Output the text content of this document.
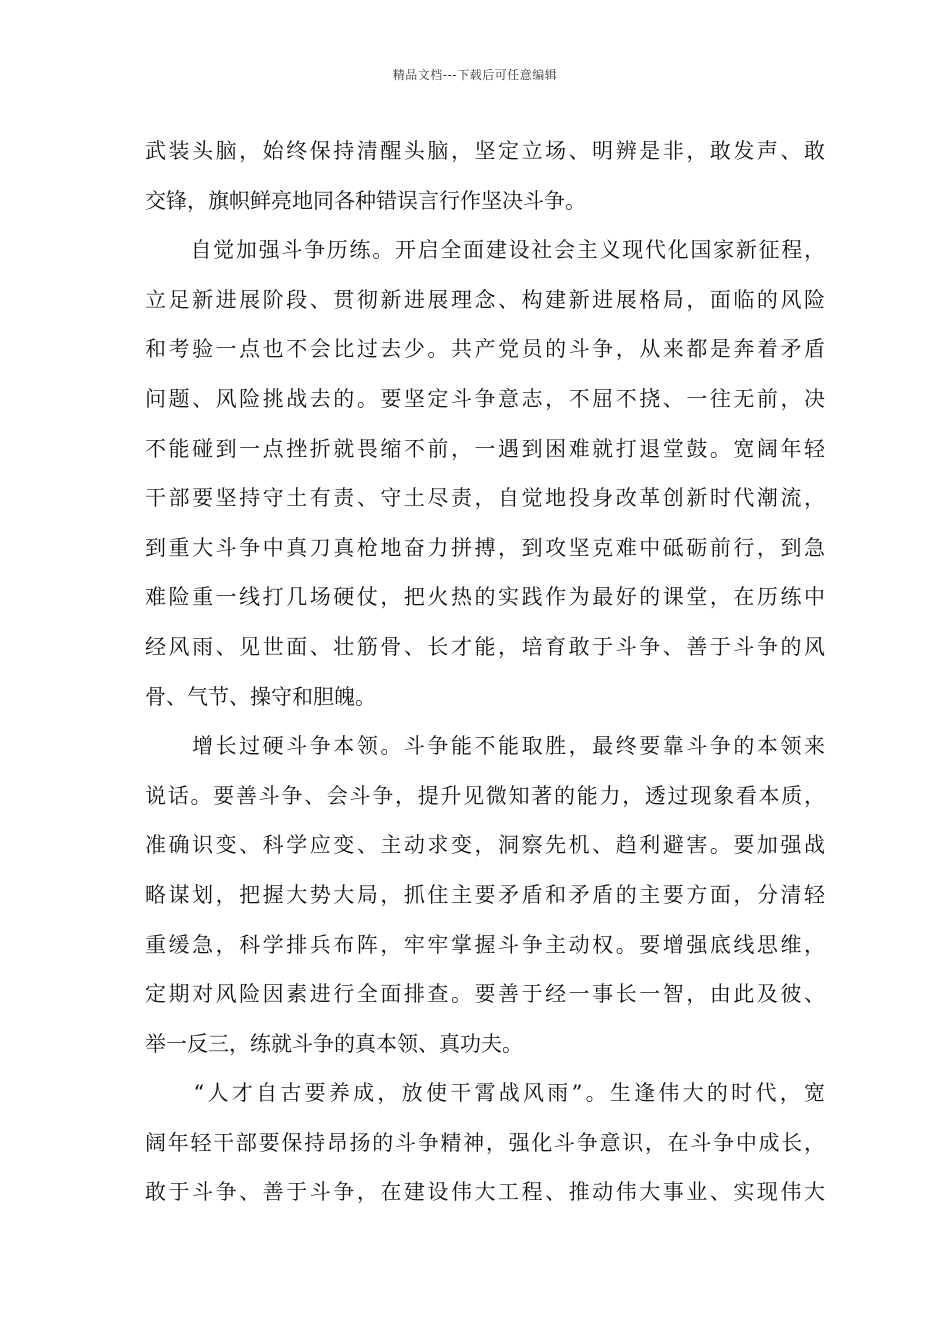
精品文档---下载后可任意编辑
武装头脑，始终保持清醒头脑，坚定立场、明辨是非，敢发声、敢
交锋，旗帜鲜亮地同各种错误言行作坚决斗争。
　　自觉加强斗争历练。开启全面建设社会主义现代化国家新征程，
立足新进展阶段、贯彻新进展理念、构建新进展格局，面临的风险
和考验一点也不会比过去少。共产党员的斗争，从来都是奔着矛盾
问题、风险挑战去的。要坚定斗争意志，不屈不挠、一往无前，决
不能碰到一点挫折就畏缩不前，一遇到困难就打退堂鼓。宽阔年轻
干部要坚持守土有责、守土尽责，自觉地投身改革创新时代潮流，
到重大斗争中真刀真枪地奋力拼搏，到攻坚克难中砥砺前行，到急
难险重一线打几场硬仗，把火热的实践作为最好的课堂，在历练中
经风雨、见世面、壮筋骨、长才能，培育敢于斗争、善于斗争的风
骨、气节、操守和胆魄。
　　增长过硬斗争本领。斗争能不能取胜，最终要靠斗争的本领来
说话。要善斗争、会斗争，提升见微知著的能力，透过现象看本质，
准确识变、科学应变、主动求变，洞察先机、趋利避害。要加强战
略谋划，把握大势大局，抓住主要矛盾和矛盾的主要方面，分清轻
重缓急，科学排兵布阵，牢牢掌握斗争主动权。要增强底线思维，
定期对风险因素进行全面排查。要善于经一事长一智，由此及彼、
举一反三，练就斗争的真本领、真功夫。
　　“人才自古要养成，放使干霄战风雨”。生逢伟大的时代，宽
阔年轻干部要保持昂扬的斗争精神，强化斗争意识，在斗争中成长，
敢于斗争、善于斗争，在建设伟大工程、推动伟大事业、实现伟大
